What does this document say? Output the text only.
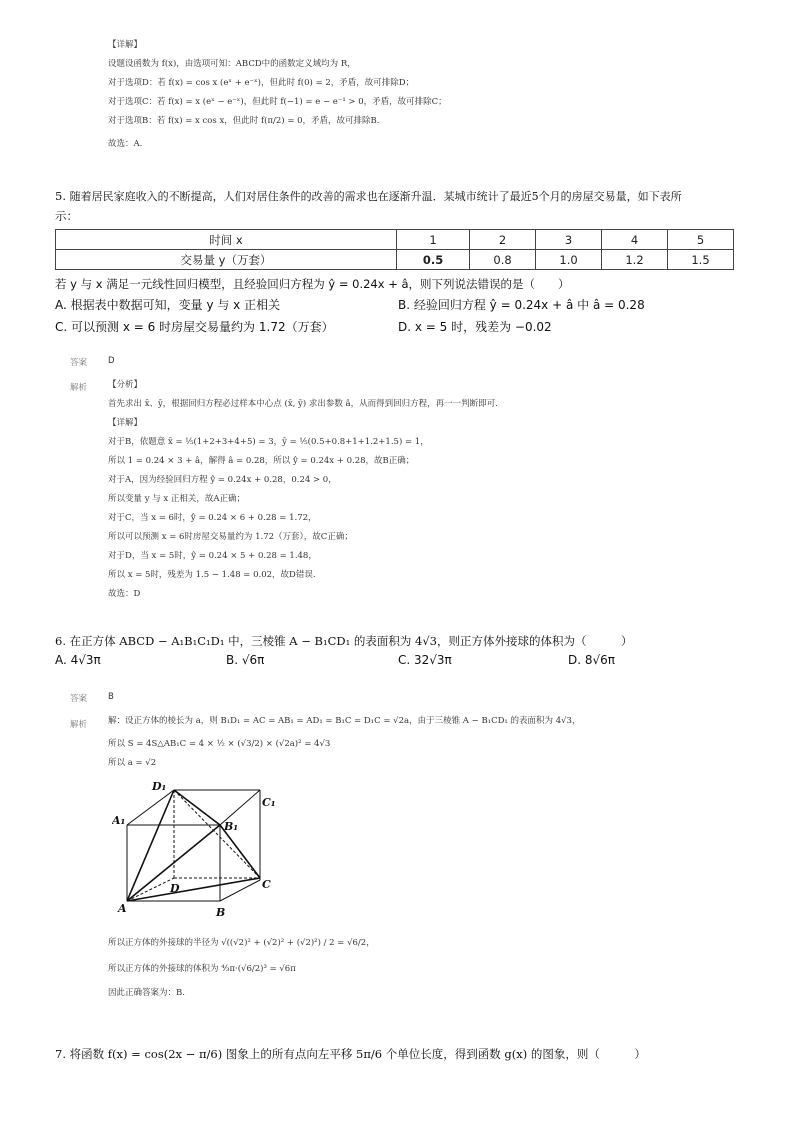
【详解】
设题设函数为 f(x)，由选项可知：ABCD中的函数定义域均为 R，
对于选项D：若 f(x) = cos x (eˣ + e⁻ˣ)，但此时 f(0) = 2，矛盾，故可排除D；
对于选项C：若 f(x) = x (eˣ − e⁻ˣ)，但此时 f(−1) = e − e⁻¹ > 0，矛盾，故可排除C；
对于选项B：若 f(x) = x cos x，但此时 f(π/2) = 0，矛盾，故可排除B.
故选：A.
5. 随着居民家庭收入的不断提高，人们对居住条件的改善的需求也在逐渐升温．某城市统计了最近5个月的房屋交易量，如下表所
示：
时间 x	1	2	3	4	5
交易量 y（万套）	0.5	0.8	1.0	1.2	1.5
若 y 与 x 满足一元线性回归模型，且经验回归方程为 ŷ = 0.24x + â，则下列说法错误的是（　　）
A. 根据表中数据可知，变量 y 与 x 正相关	B. 经验回归方程 ŷ = 0.24x + â 中 â = 0.28
C. 可以预测 x = 6 时房屋交易量约为 1.72（万套）	D. x = 5 时，残差为 −0.02
答案 D
解析 【分析】
首先求出 x̄、ȳ，根据回归方程必过样本中心点 (x̄, ȳ) 求出参数 â，从而得到回归方程，再一一判断即可.
【详解】
对于B，依题意 x̄ = ⅕(1+2+3+4+5) = 3，ȳ = ⅕(0.5+0.8+1+1.2+1.5) = 1，
所以 1 = 0.24 × 3 + â，解得 â = 0.28，所以 ŷ = 0.24x + 0.28，故B正确；
对于A，因为经验回归方程 ŷ = 0.24x + 0.28，0.24 > 0，
所以变量 y 与 x 正相关，故A正确；
对于C，当 x = 6时，ŷ = 0.24 × 6 + 0.28 = 1.72，
所以可以预测 x = 6时房屋交易量约为 1.72（万套），故C正确；
对于D，当 x = 5时，ŷ = 0.24 × 5 + 0.28 = 1.48，
所以 x = 5时，残差为 1.5 − 1.48 = 0.02，故D错误.
故选：D
6. 在正方体 ABCD − A₁B₁C₁D₁ 中，三棱锥 A − B₁CD₁ 的表面积为 4√3，则正方体外接球的体积为（　　　）
A. 4√3π	B. √6π	C. 32√3π	D. 8√6π
答案 B
解析 解：设正方体的棱长为 a，则 B₁D₁ = AC = AB₁ = AD₁ = B₁C = D₁C = √2a，由于三棱锥 A − B₁CD₁ 的表面积为 4√3，
所以 S = 4S△AB₁C = 4 × ½ × (√3/2) × (√2a)² = 4√3
所以 a = √2
D₁
C₁
A₁	B₁
D	C
A	B
所以正方体的外接球的半径为 √((√2)² + (√2)² + (√2)²) / 2 = √6/2，
所以正方体的外接球的体积为 ⁴⁄₃π·(√6/2)³ = √6π
因此正确答案为：B.
7. 将函数 f(x) = cos(2x − π/6) 图象上的所有点向左平移 5π/6 个单位长度，得到函数 g(x) 的图象，则（　　　）
